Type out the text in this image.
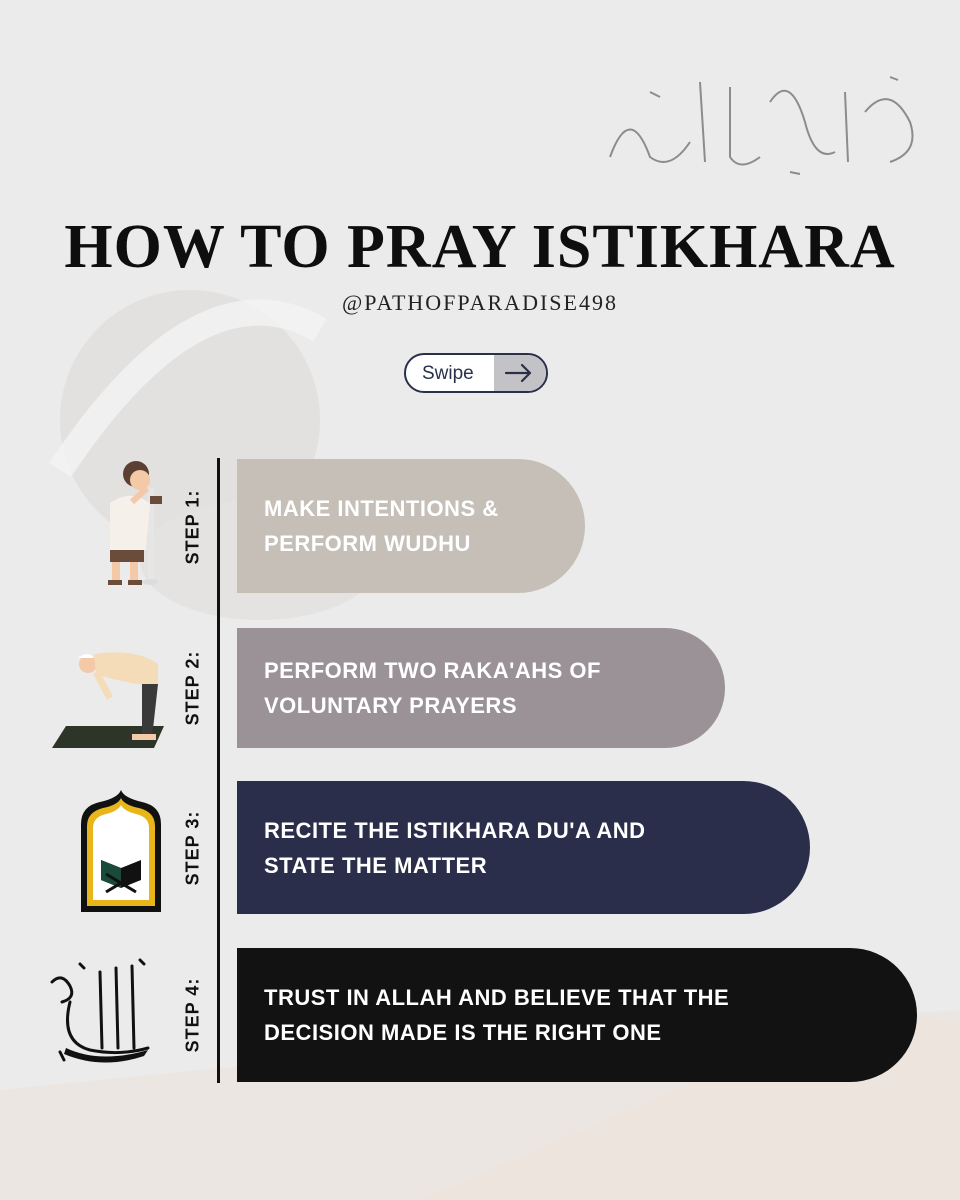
HOW TO PRAY ISTIKHARA
@PATHOFPARADISE498
Swipe
STEP 1:	MAKE INTENTIONS &
PERFORM WUDHU
STEP 2:	PERFORM TWO RAKA'AHS OF
VOLUNTARY PRAYERS
STEP 3:	RECITE THE ISTIKHARA DU'A AND
STATE THE MATTER
STEP 4:	TRUST IN ALLAH AND BELIEVE THAT THE
DECISION MADE IS THE RIGHT ONE
